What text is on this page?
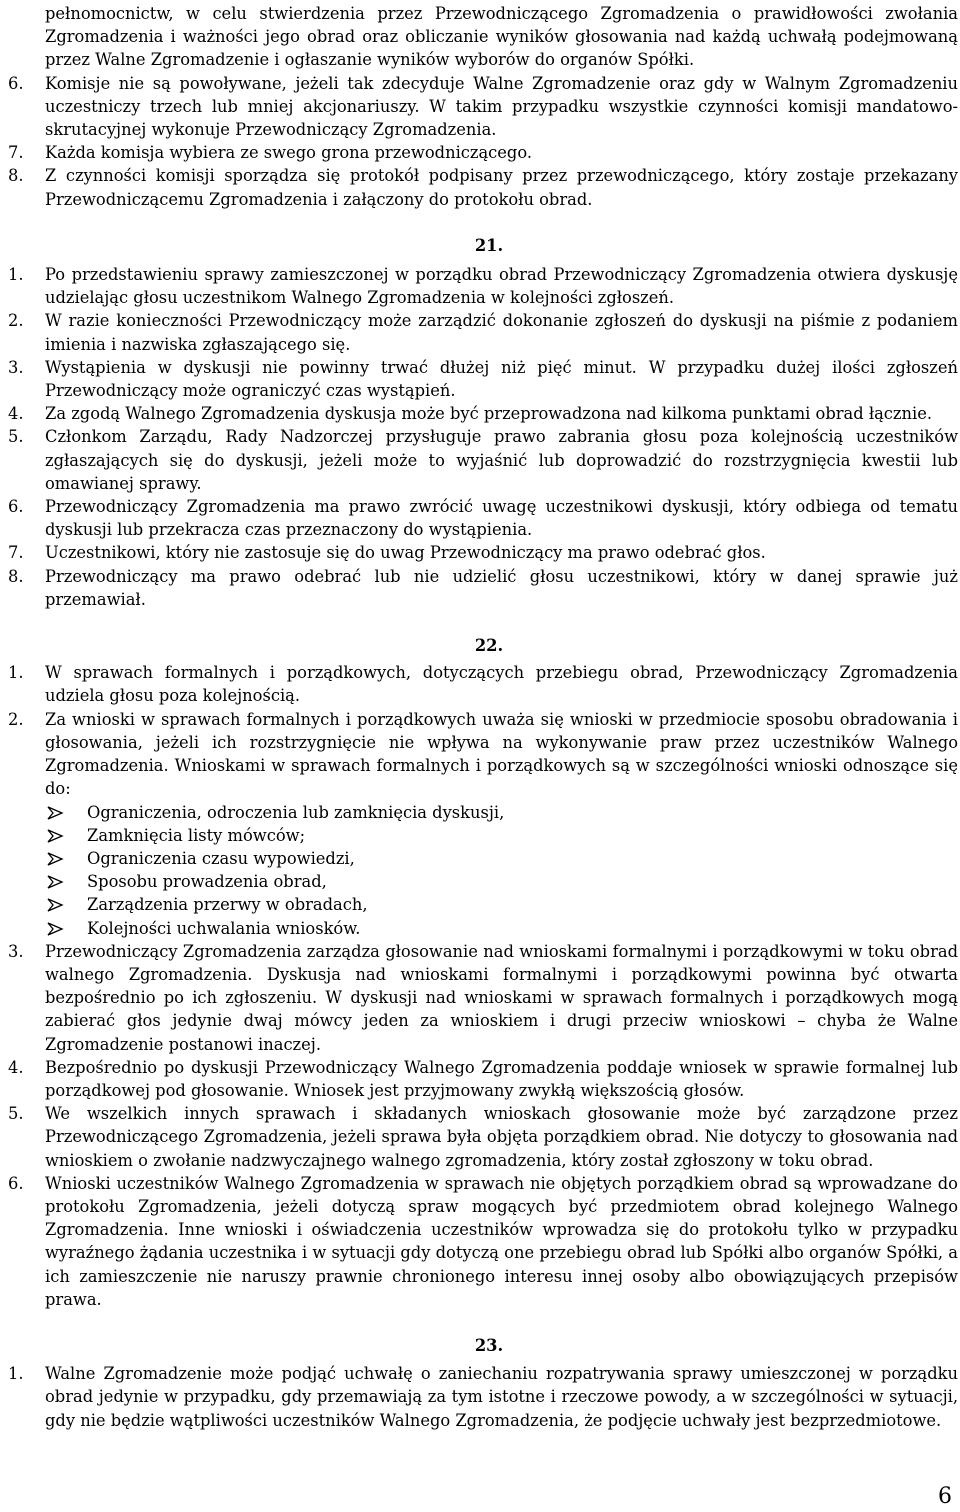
pełnomocnictw, w celu stwierdzenia przez Przewodniczącego Zgromadzenia o prawidłowości zwołania Zgromadzenia i ważności jego obrad oraz obliczanie wyników głosowania nad każdą uchwałą podejmowaną przez Walne Zgromadzenie i ogłaszanie wyników wyborów do organów Spółki.
6.	Komisje nie są powoływane, jeżeli tak zdecyduje Walne Zgromadzenie oraz gdy w Walnym Zgromadzeniu uczestniczy trzech lub mniej akcjonariuszy. W takim przypadku wszystkie czynności komisji mandatowo-skrutacyjnej wykonuje Przewodniczący Zgromadzenia.
7.	Każda komisja wybiera ze swego grona przewodniczącego.
8.	Z czynności komisji sporządza się protokół podpisany przez przewodniczącego, który zostaje przekazany Przewodniczącemu Zgromadzenia i załączony do protokołu obrad.
21.
1.	Po przedstawieniu sprawy zamieszczonej w porządku obrad Przewodniczący Zgromadzenia otwiera dyskusję udzielając głosu uczestnikom Walnego Zgromadzenia w kolejności zgłoszeń.
2.	W razie konieczności Przewodniczący może zarządzić dokonanie zgłoszeń do dyskusji na piśmie z podaniem imienia i nazwiska zgłaszającego się.
3.	Wystąpienia w dyskusji nie powinny trwać dłużej niż pięć minut. W przypadku dużej ilości zgłoszeń Przewodniczący może ograniczyć czas wystąpień.
4.	Za zgodą Walnego Zgromadzenia dyskusja może być przeprowadzona nad kilkoma punktami obrad łącznie.
5.	Członkom Zarządu, Rady Nadzorczej przysługuje prawo zabrania głosu poza kolejnością uczestników zgłaszających się do dyskusji, jeżeli może to wyjaśnić lub doprowadzić do rozstrzygnięcia kwestii lub omawianej sprawy.
6.	Przewodniczący Zgromadzenia ma prawo zwrócić uwagę uczestnikowi dyskusji, który odbiega od tematu dyskusji lub przekracza czas przeznaczony do wystąpienia.
7.	Uczestnikowi, który nie zastosuje się do uwag Przewodniczący ma prawo odebrać głos.
8.	Przewodniczący ma prawo odebrać lub nie udzielić głosu uczestnikowi, który w danej sprawie już przemawiał.
22.
1.	W sprawach formalnych i porządkowych, dotyczących przebiegu obrad, Przewodniczący Zgromadzenia udziela głosu poza kolejnością.
2.	Za wnioski w sprawach formalnych i porządkowych uważa się wnioski w przedmiocie sposobu obradowania i głosowania, jeżeli ich rozstrzygnięcie nie wpływa na wykonywanie praw przez uczestników Walnego Zgromadzenia. Wnioskami w sprawach formalnych i porządkowych są w szczególności wnioski odnoszące się do:
Ograniczenia, odroczenia lub zamknięcia dyskusji,
Zamknięcia listy mówców;
Ograniczenia czasu wypowiedzi,
Sposobu prowadzenia obrad,
Zarządzenia przerwy w obradach,
Kolejności uchwalania wniosków.
3.	Przewodniczący Zgromadzenia zarządza głosowanie nad wnioskami formalnymi i porządkowymi w toku obrad walnego Zgromadzenia. Dyskusja nad wnioskami formalnymi i porządkowymi powinna być otwarta bezpośrednio po ich zgłoszeniu. W dyskusji nad wnioskami w sprawach formalnych i porządkowych mogą zabierać głos jedynie dwaj mówcy jeden za wnioskiem i drugi przeciw wnioskowi – chyba że Walne Zgromadzenie postanowi inaczej.
4.	Bezpośrednio po dyskusji Przewodniczący Walnego Zgromadzenia poddaje wniosek w sprawie formalnej lub porządkowej pod głosowanie. Wniosek jest przyjmowany zwykłą większością głosów.
5.	We wszelkich innych sprawach i składanych wnioskach głosowanie może być zarządzone przez Przewodniczącego Zgromadzenia, jeżeli sprawa była objęta porządkiem obrad. Nie dotyczy to głosowania nad wnioskiem o zwołanie nadzwyczajnego walnego zgromadzenia, który został zgłoszony w toku obrad.
6.	Wnioski uczestników Walnego Zgromadzenia w sprawach nie objętych porządkiem obrad są wprowadzane do protokołu Zgromadzenia, jeżeli dotyczą spraw mogących być przedmiotem obrad kolejnego Walnego Zgromadzenia. Inne wnioski i oświadczenia uczestników wprowadza się do protokołu tylko w przypadku wyraźnego żądania uczestnika i w sytuacji gdy dotyczą one przebiegu obrad lub Spółki albo organów Spółki, a ich zamieszczenie nie naruszy prawnie chronionego interesu innej osoby albo obowiązujących przepisów prawa.
23.
1.	Walne Zgromadzenie może podjąć uchwałę o zaniechaniu rozpatrywania sprawy umieszczonej w porządku obrad jedynie w przypadku, gdy przemawiają za tym istotne i rzeczowe powody, a w szczególności w sytuacji, gdy nie będzie wątpliwości uczestników Walnego Zgromadzenia, że podjęcie uchwały jest bezprzedmiotowe.
6
